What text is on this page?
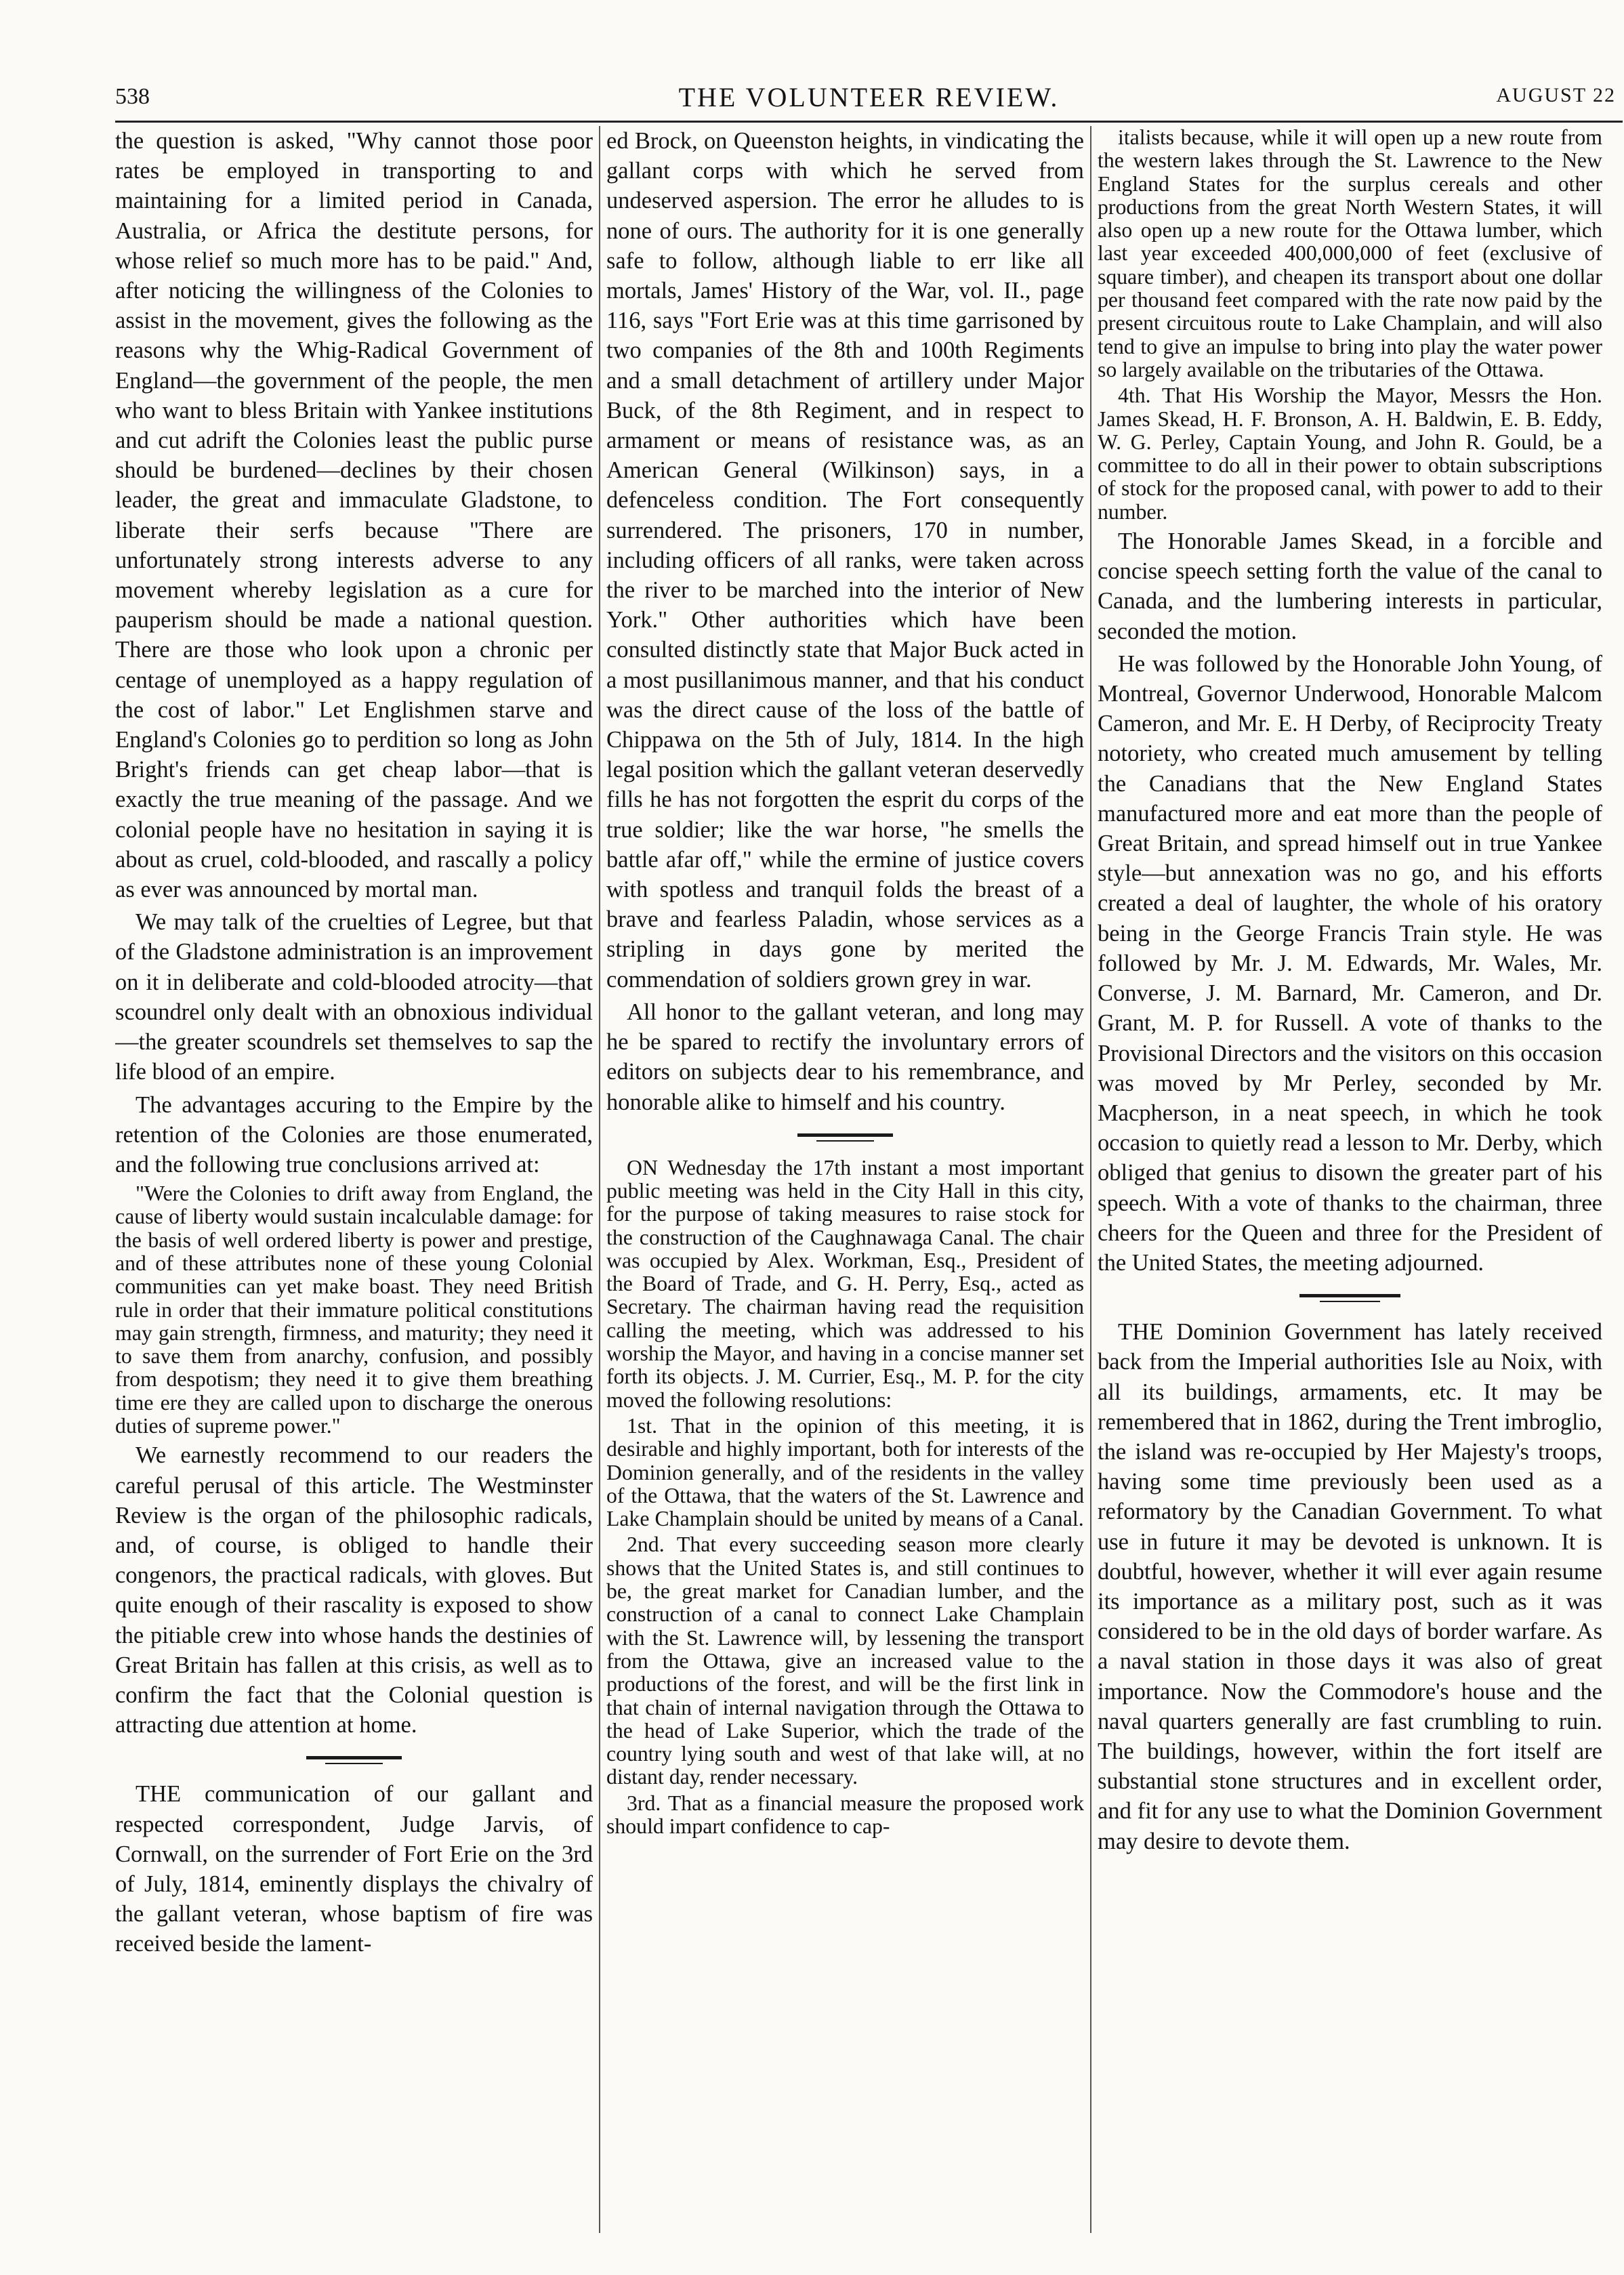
538	THE VOLUNTEER REVIEW.	AUGUST 22

the question is asked, "Why cannot those poor rates be employed in transporting to and maintaining for a limited period in Canada, Australia, or Africa the destitute persons, for whose relief so much more has to be paid." And, after noticing the willingness of the Colonies to assist in the movement, gives the following as the reasons why the Whig-Radical Government of England—the government of the people, the men who want to bless Britain with Yankee institutions and cut adrift the Colonies least the public purse should be burdened—declines by their chosen leader, the great and immaculate Gladstone, to liberate their serfs because "There are unfortunately strong interests adverse to any movement whereby legislation as a cure for pauperism should be made a national question. There are those who look upon a chronic per centage of unemployed as a happy regulation of the cost of labor." Let Englishmen starve and England's Colonies go to perdition so long as John Bright's friends can get cheap labor—that is exactly the true meaning of the passage. And we colonial people have no hesitation in saying it is about as cruel, cold-blooded, and rascally a policy as ever was announced by mortal man.

We may talk of the cruelties of Legree, but that of the Gladstone administration is an improvement on it in deliberate and cold-blooded atrocity—that scoundrel only dealt with an obnoxious individual—the greater scoundrels set themselves to sap the life blood of an empire.

The advantages accuring to the Empire by the retention of the Colonies are those enumerated, and the following true conclusions arrived at:

"Were the Colonies to drift away from England, the cause of liberty would sustain incalculable damage: for the basis of well ordered liberty is power and prestige, and of these attributes none of these young Colonial communities can yet make boast. They need British rule in order that their immature political constitutions may gain strength, firmness, and maturity; they need it to save them from anarchy, confusion, and possibly from despotism; they need it to give them breathing time ere they are called upon to discharge the onerous duties of supreme power."

We earnestly recommend to our readers the careful perusal of this article. The Westminster Review is the organ of the philosophic radicals, and, of course, is obliged to handle their congenors, the practical radicals, with gloves. But quite enough of their rascality is exposed to show the pitiable crew into whose hands the destinies of Great Britain has fallen at this crisis, as well as to confirm the fact that the Colonial question is attracting due attention at home.

THE communication of our gallant and respected correspondent, Judge Jarvis, of Cornwall, on the surrender of Fort Erie on the 3rd of July, 1814, eminently displays the chivalry of the gallant veteran, whose baptism of fire was received beside the lament-

ed Brock, on Queenston heights, in vindicating the gallant corps with which he served from undeserved aspersion. The error he alludes to is none of ours. The authority for it is one generally safe to follow, although liable to err like all mortals, James' History of the War, vol. II., page 116, says "Fort Erie was at this time garrisoned by two companies of the 8th and 100th Regiments and a small detachment of artillery under Major Buck, of the 8th Regiment, and in respect to armament or means of resistance was, as an American General (Wilkinson) says, in a defenceless condition. The Fort consequently surrendered. The prisoners, 170 in number, including officers of all ranks, were taken across the river to be marched into the interior of New York." Other authorities which have been consulted distinctly state that Major Buck acted in a most pusillanimous manner, and that his conduct was the direct cause of the loss of the battle of Chippawa on the 5th of July, 1814. In the high legal position which the gallant veteran deservedly fills he has not forgotten the esprit du corps of the true soldier; like the war horse, "he smells the battle afar off," while the ermine of justice covers with spotless and tranquil folds the breast of a brave and fearless Paladin, whose services as a stripling in days gone by merited the commendation of soldiers grown grey in war.

All honor to the gallant veteran, and long may he be spared to rectify the involuntary errors of editors on subjects dear to his remembrance, and honorable alike to himself and his country.

ON Wednesday the 17th instant a most important public meeting was held in the City Hall in this city, for the purpose of taking measures to raise stock for the construction of the Caughnawaga Canal. The chair was occupied by Alex. Workman, Esq., President of the Board of Trade, and G. H. Perry, Esq., acted as Secretary. The chairman having read the requisition calling the meeting, which was addressed to his worship the Mayor, and having in a concise manner set forth its objects. J. M. Currier, Esq., M. P. for the city moved the following resolutions:

1st. That in the opinion of this meeting, it is desirable and highly important, both for interests of the Dominion generally, and of the residents in the valley of the Ottawa, that the waters of the St. Lawrence and Lake Champlain should be united by means of a Canal.

2nd. That every succeeding season more clearly shows that the United States is, and still continues to be, the great market for Canadian lumber, and the construction of a canal to connect Lake Champlain with the St. Lawrence will, by lessening the transport from the Ottawa, give an increased value to the productions of the forest, and will be the first link in that chain of internal navigation through the Ottawa to the head of Lake Superior, which the trade of the country lying south and west of that lake will, at no distant day, render necessary.

3rd. That as a financial measure the proposed work should impart confidence to cap-

italists because, while it will open up a new route from the western lakes through the St. Lawrence to the New England States for the surplus cereals and other productions from the great North Western States, it will also open up a new route for the Ottawa lumber, which last year exceeded 400,000,000 of feet (exclusive of square timber), and cheapen its transport about one dollar per thousand feet compared with the rate now paid by the present circuitous route to Lake Champlain, and will also tend to give an impulse to bring into play the water power so largely available on the tributaries of the Ottawa.

4th. That His Worship the Mayor, Messrs the Hon. James Skead, H. F. Bronson, A. H. Baldwin, E. B. Eddy, W. G. Perley, Captain Young, and John R. Gould, be a committee to do all in their power to obtain subscriptions of stock for the proposed canal, with power to add to their number.

The Honorable James Skead, in a forcible and concise speech setting forth the value of the canal to Canada, and the lumbering interests in particular, seconded the motion.

He was followed by the Honorable John Young, of Montreal, Governor Underwood, Honorable Malcom Cameron, and Mr. E. H Derby, of Reciprocity Treaty notoriety, who created much amusement by telling the Canadians that the New England States manufactured more and eat more than the people of Great Britain, and spread himself out in true Yankee style—but annexation was no go, and his efforts created a deal of laughter, the whole of his oratory being in the George Francis Train style. He was followed by Mr. J. M. Edwards, Mr. Wales, Mr. Converse, J. M. Barnard, Mr. Cameron, and Dr. Grant, M. P. for Russell. A vote of thanks to the Provisional Directors and the visitors on this occasion was moved by Mr Perley, seconded by Mr. Macpherson, in a neat speech, in which he took occasion to quietly read a lesson to Mr. Derby, which obliged that genius to disown the greater part of his speech. With a vote of thanks to the chairman, three cheers for the Queen and three for the President of the United States, the meeting adjourned.

THE Dominion Government has lately received back from the Imperial authorities Isle au Noix, with all its buildings, armaments, etc. It may be remembered that in 1862, during the Trent imbroglio, the island was re-occupied by Her Majesty's troops, having some time previously been used as a reformatory by the Canadian Government. To what use in future it may be devoted is unknown. It is doubtful, however, whether it will ever again resume its importance as a military post, such as it was considered to be in the old days of border warfare. As a naval station in those days it was also of great importance. Now the Commodore's house and the naval quarters generally are fast crumbling to ruin. The buildings, however, within the fort itself are substantial stone structures and in excellent order, and fit for any use to what the Dominion Government may desire to devote them.
